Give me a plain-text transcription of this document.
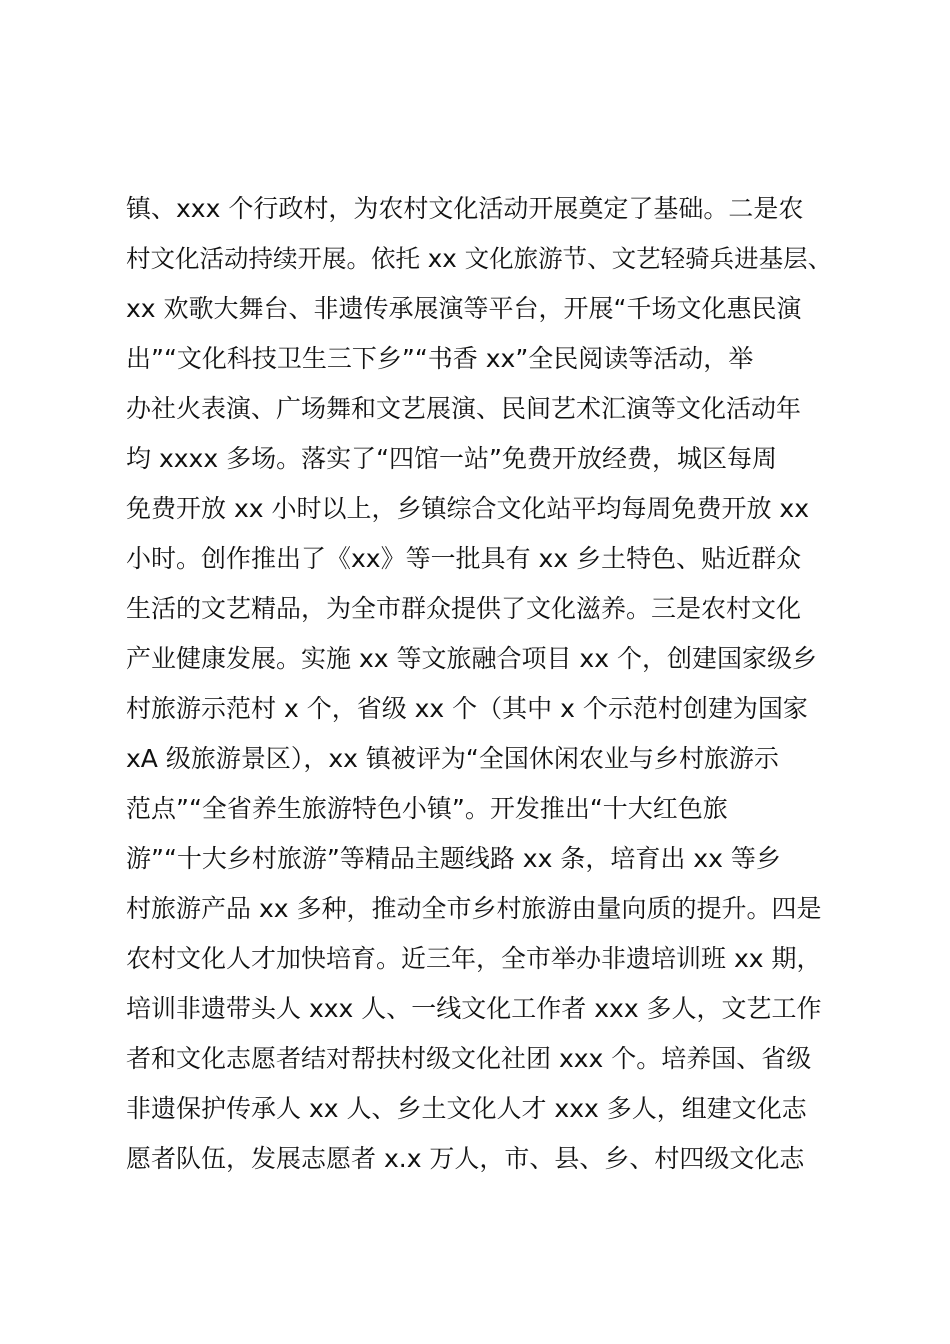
镇、xxx 个行政村，为农村文化活动开展奠定了基础。二是农

村文化活动持续开展。依托 xx 文化旅游节、文艺轻骑兵进基层、

xx 欢歌大舞台、非遗传承展演等平台，开展“千场文化惠民演

出”“文化科技卫生三下乡”“书香 xx”全民阅读等活动，举

办社火表演、广场舞和文艺展演、民间艺术汇演等文化活动年

均 xxxx 多场。落实了“四馆一站”免费开放经费，城区每周

免费开放 xx 小时以上，乡镇综合文化站平均每周免费开放 xx

小时。创作推出了《xx》等一批具有 xx 乡土特色、贴近群众

生活的文艺精品，为全市群众提供了文化滋养。三是农村文化

产业健康发展。实施 xx 等文旅融合项目 xx 个，创建国家级乡

村旅游示范村 x 个，省级 xx 个（其中 x 个示范村创建为国家

xA 级旅游景区），xx 镇被评为“全国休闲农业与乡村旅游示

范点”“全省养生旅游特色小镇”。开发推出“十大红色旅

游”“十大乡村旅游”等精品主题线路 xx 条，培育出 xx 等乡

村旅游产品 xx 多种，推动全市乡村旅游由量向质的提升。四是

农村文化人才加快培育。近三年，全市举办非遗培训班 xx 期，

培训非遗带头人 xxx 人、一线文化工作者 xxx 多人，文艺工作

者和文化志愿者结对帮扶村级文化社团 xxx 个。培养国、省级

非遗保护传承人 xx 人、乡土文化人才 xxx 多人，组建文化志

愿者队伍，发展志愿者 x.x 万人，市、县、乡、村四级文化志
